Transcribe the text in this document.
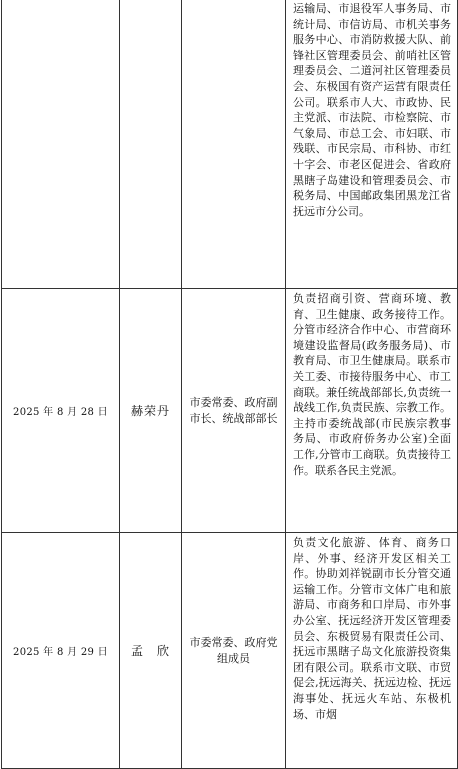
			运输局、市退役军人事务局、市统计局、市信访局、市机关事务服务中心、市消防救援大队、前锋社区管理委员会、前哨社区管理委员会、二道河社区管理委员会、东极国有资产运营有限责任公司。联系市人大、市政协、民主党派、市法院、市检察院、市气象局、市总工会、市妇联、市残联、市民宗局、市科协、市红十字会、市老区促进会、省政府黑瞎子岛建设和管理委员会、市税务局、中国邮政集团黑龙江省抚远市分公司。
2025 年 8 月 28 日	赫荣丹	市委常委、政府副市长、统战部部长	负责招商引资、营商环境、教育、卫生健康、政务接待工作。分管市经济合作中心、市营商环境建设监督局(政务服务局)、市教育局、市卫生健康局。联系市关工委、市接待服务中心、市工商联。兼任统战部部长,负责统一战线工作,负责民族、宗教工作。主持市委统战部(市民族宗教事务局、市政府侨务办公室)全面工作,分管市工商联。负责接待工作。联系各民主党派。
2025 年 8 月 29 日	孟　欣	市委常委、政府党组成员	负责文化旅游、体育、商务口岸、外事、经济开发区相关工作。协助刘祥锐副市长分管交通运输工作。分管市文体广电和旅游局、市商务和口岸局、市外事办公室、抚远经济开发区管理委员会、东极贸易有限责任公司、抚远市黑瞎子岛文化旅游投资集团有限公司。联系市文联、市贸促会,抚远海关、抚远边检、抚远海事处、抚远火车站、东极机场、市烟
